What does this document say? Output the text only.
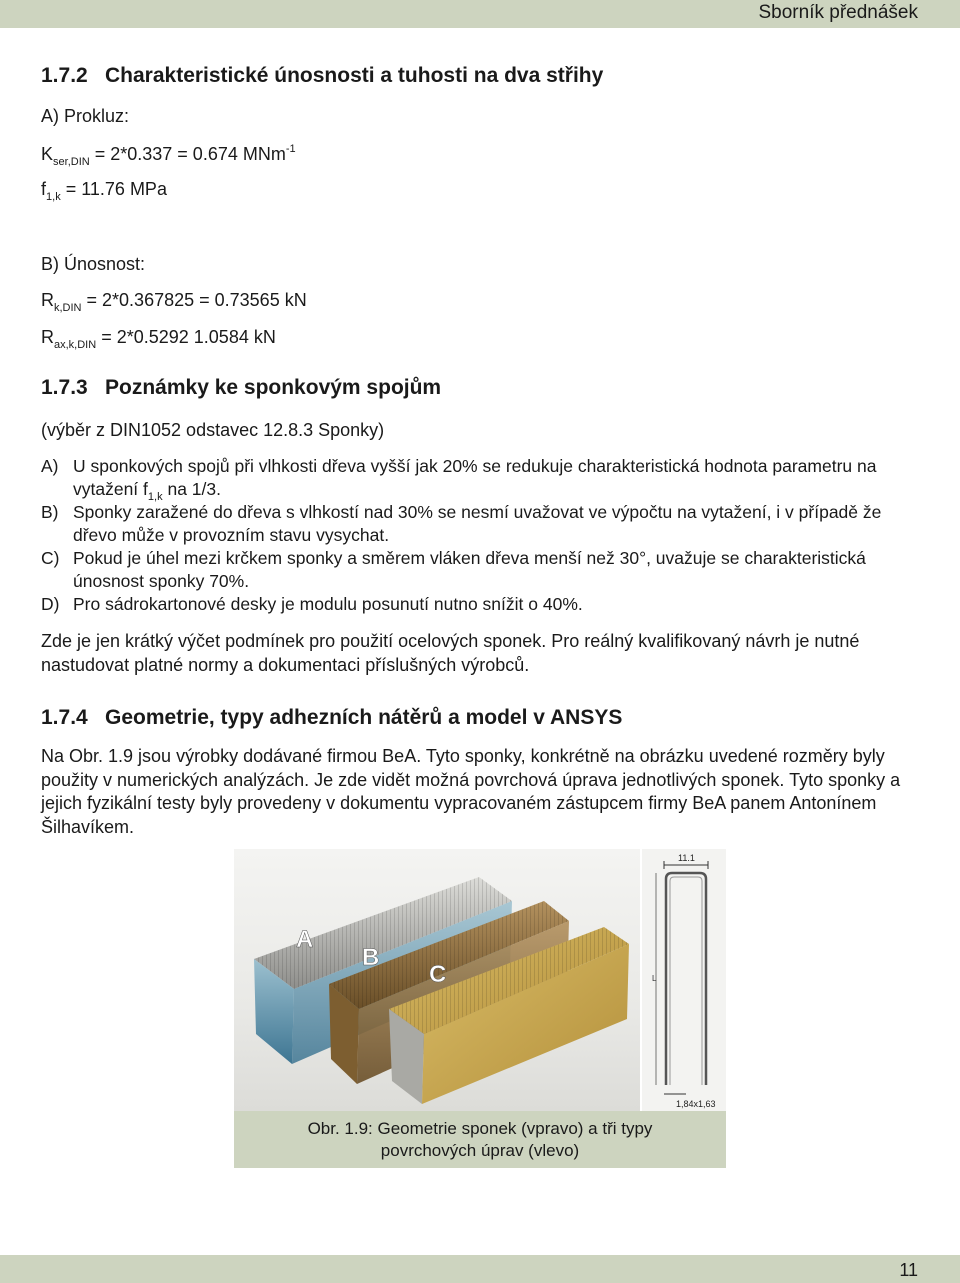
Sborník přednášek
1.7.2 Charakteristické únosnosti a tuhosti na dva střihy
A) Prokluz:
$K_{ser,DIN} = 2*0.337 = 0.674$ MNm$^{-1}$
$f_{1,k} = 11.76$ MPa
B) Únosnost:
$R_{k,DIN} = 2*0.367825 = 0.73565$ kN
$R_{ax,k,DIN} = 2*0.5292$ 1.0584 kN
1.7.3 Poznámky ke sponkovým spojům
(výběr z DIN1052 odstavec 12.8.3 Sponky)
A) U sponkových spojů při vlhkosti dřeva vyšší jak 20% se redukuje charakteristická hodnota parametru na vytažení $f_{1,k}$ na 1/3.
B) Sponky zaražené do dřeva s vlhkostí nad 30% se nesmí uvažovat ve výpočtu na vytažení, i v případě že dřevo může v provozním stavu vysychat.
C) Pokud je úhel mezi krčkem sponky a směrem vláken dřeva menší než 30°, uvažuje se charakteristická únosnost sponky 70%.
D) Pro sádrokartonové desky je modulu posunutí nutno snížit o 40%.
Zde je jen krátký výčet podmínek pro použití ocelových sponek. Pro reálný kvalifikovaný návrh je nutné nastudovat platné normy a dokumentaci příslušných výrobců.
1.7.4 Geometrie, typy adhezních nátěrů a model v ANSYS
Na Obr. 1.9 jsou výrobky dodávané firmou BeA. Tyto sponky, konkrétně na obrázku uvedené rozměry byly použity v numerických analýzách. Je zde vidět možná povrchová úprava jednotlivých sponek. Tyto sponky a jejich fyzikální testy byly provedeny v dokumentu vypracovaném zástupcem firmy BeA panem Antonínem Šilhavíkem.
A
B
C
11.1
L
1,84x1,63
Obr. 1.9: Geometrie sponek (vpravo) a tři typy
povrchových úprav (vlevo)
11
